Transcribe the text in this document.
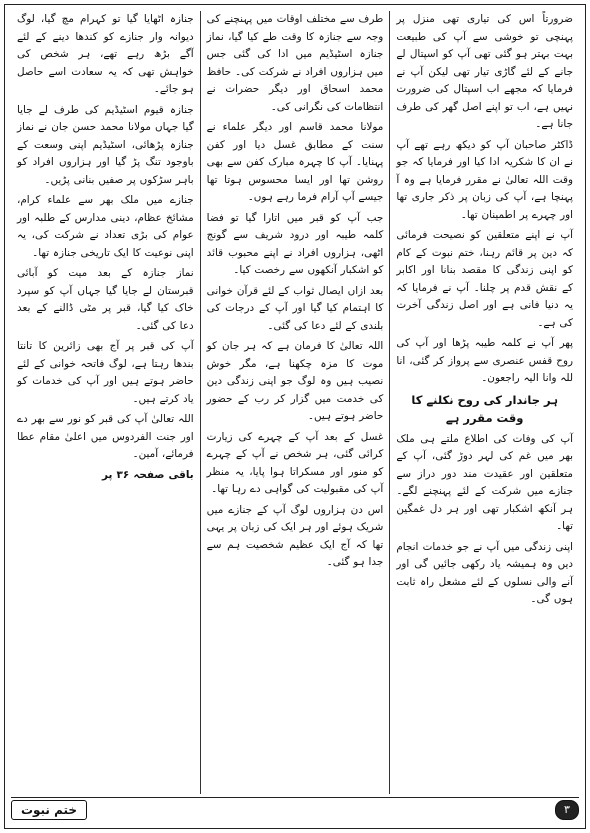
ضرورتاً اس کی تیاری تھی منزل پر پہنچی تو خوشی سے آپ کی طبیعت بہت بہتر ہو گئی تھی آپ کو اسپتال لے جانے کے لئے گاڑی تیار تھی لیکن آپ نے فرمایا کہ مجھے اب اسپتال کی ضرورت نہیں ہے، اب تو اپنے اصل گھر کی طرف جانا ہے۔

ڈاکٹر صاحبان آپ کو دیکھ رہے تھے آپ نے ان کا شکریہ ادا کیا اور فرمایا کہ جو وقت اللہ تعالیٰ نے مقرر فرمایا ہے وہ آ پہنچا ہے، آپ کی زبان پر ذکر جاری تھا اور چہرے پر اطمینان تھا۔

آپ نے اپنے متعلقین کو نصیحت فرمائی کہ دین پر قائم رہنا، ختم نبوت کے کام کو اپنی زندگی کا مقصد بنانا اور اکابر کے نقش قدم پر چلنا۔ آپ نے فرمایا کہ یہ دنیا فانی ہے اور اصل زندگی آخرت کی ہے۔

پھر آپ نے کلمہ طیبہ پڑھا اور آپ کی روح قفس عنصری سے پرواز کر گئی، انا للہ وانا الیہ راجعون۔

ہر جاندار کی روح نکلنے کا وقت مقرر ہے

آپ کی وفات کی اطلاع ملتے ہی ملک بھر میں غم کی لہر دوڑ گئی، آپ کے متعلقین اور عقیدت مند دور دراز سے جنازے میں شرکت کے لئے پہنچنے لگے۔ ہر آنکھ اشکبار تھی اور ہر دل غمگین تھا۔

اپنی زندگی میں آپ نے جو خدمات انجام دیں وہ ہمیشہ یاد رکھی جائیں گی اور آنے والی نسلوں کے لئے مشعل راہ ثابت ہوں گی۔

طرف سے مختلف اوقات میں پہنچنے کی وجہ سے جنازہ کا وقت طے کیا گیا، نماز جنازہ اسٹیڈیم میں ادا کی گئی جس میں ہزاروں افراد نے شرکت کی۔ حافظ محمد اسحاق اور دیگر حضرات نے انتظامات کی نگرانی کی۔

مولانا محمد قاسم اور دیگر علماء نے سنت کے مطابق غسل دیا اور کفن پہنایا۔ آپ کا چہرہ مبارک کفن سے بھی روشن تھا اور ایسا محسوس ہوتا تھا جیسے آپ آرام فرما رہے ہوں۔

جب آپ کو قبر میں اتارا گیا تو فضا کلمہ طیبہ اور درود شریف سے گونج اٹھی، ہزاروں افراد نے اپنے محبوب قائد کو اشکبار آنکھوں سے رخصت کیا۔

بعد ازاں ایصال ثواب کے لئے قرآن خوانی کا اہتمام کیا گیا اور آپ کے درجات کی بلندی کے لئے دعا کی گئی۔

اللہ تعالیٰ کا فرمان ہے کہ ہر جان کو موت کا مزہ چکھنا ہے، مگر خوش نصیب ہیں وہ لوگ جو اپنی زندگی دین کی خدمت میں گزار کر رب کے حضور حاضر ہوتے ہیں۔

غسل کے بعد آپ کے چہرے کی زیارت کرائی گئی، ہر شخص نے آپ کے چہرے کو منور اور مسکراتا ہوا پایا، یہ منظر آپ کی مقبولیت کی گواہی دے رہا تھا۔

اس دن ہزاروں لوگ آپ کے جنازے میں شریک ہوئے اور ہر ایک کی زبان پر یہی تھا کہ آج ایک عظیم شخصیت ہم سے جدا ہو گئی۔

جنازہ اٹھایا گیا تو کہرام مچ گیا، لوگ دیوانہ وار جنازے کو کندھا دینے کے لئے آگے بڑھ رہے تھے، ہر شخص کی خواہش تھی کہ یہ سعادت اسے حاصل ہو جائے۔

جنازہ قیوم اسٹیڈیم کی طرف لے جایا گیا جہاں مولانا محمد حسن جان نے نماز جنازہ پڑھائی، اسٹیڈیم اپنی وسعت کے باوجود تنگ پڑ گیا اور ہزاروں افراد کو باہر سڑکوں پر صفیں بنانی پڑیں۔

جنازے میں ملک بھر سے علماء کرام، مشائخ عظام، دینی مدارس کے طلبہ اور عوام کی بڑی تعداد نے شرکت کی، یہ اپنی نوعیت کا ایک تاریخی جنازہ تھا۔

نماز جنازہ کے بعد میت کو آبائی قبرستان لے جایا گیا جہاں آپ کو سپرد خاک کیا گیا، قبر پر مٹی ڈالنے کے بعد دعا کی گئی۔

آپ کی قبر پر آج بھی زائرین کا تانتا بندھا رہتا ہے، لوگ فاتحہ خوانی کے لئے حاضر ہوتے ہیں اور آپ کی خدمات کو یاد کرتے ہیں۔

اللہ تعالیٰ آپ کی قبر کو نور سے بھر دے اور جنت الفردوس میں اعلیٰ مقام عطا فرمائے، آمین۔

باقی صفحہ ۳۶ پر

ختم نبوت	۳
